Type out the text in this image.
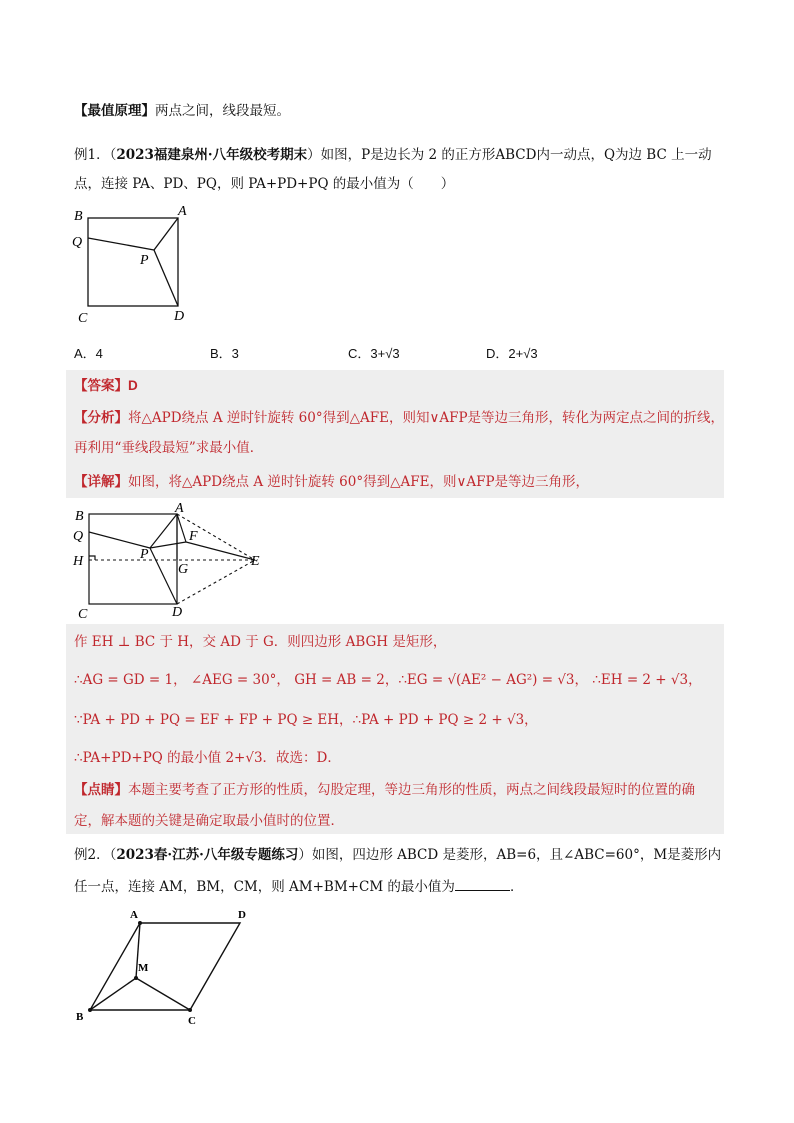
【最值原理】两点之间，线段最短。
例1．（2023福建泉州·八年级校考期末）如图，P是边长为 2 的正方形ABCD内一动点，Q为边 BC 上一动
点，连接 PA、PD、PQ，则 PA+PD+PQ 的最小值为（　　）
B	A
Q
P
C	D
A．4	B．3	C．3+√3	D．2+√3
【答案】D
【分析】将△APD绕点 A 逆时针旋转 60°得到△AFE，则知∨AFP是等边三角形，转化为两定点之间的折线，
再利用“垂线段最短”求最小值．
【详解】如图，将△APD绕点 A 逆时针旋转 60°得到△AFE，则∨AFP是等边三角形，
B
A
Q
P
F
H
G
E
C	D
作 EH ⊥ BC 于 H，交 AD 于 G．则四边形 ABGH 是矩形，
∴AG = GD = 1， ∠AEG = 30°， GH = AB = 2，∴EG = √(AE² − AG²) = √3， ∴EH = 2 + √3，
∵PA + PD + PQ = EF + FP + PQ ≥ EH，∴PA + PD + PQ ≥ 2 + √3，
∴PA+PD+PQ 的最小值 2+√3．故选：D．
【点睛】本题主要考查了正方形的性质，勾股定理，等边三角形的性质，两点之间线段最短时的位置的确
定，解本题的关键是确定取最小值时的位置．
例2．（2023春·江苏·八年级专题练习）如图，四边形 ABCD 是菱形，AB=6，且∠ABC=60°，M是菱形内
任一点，连接 AM，BM，CM，则 AM+BM+CM 的最小值为	．
A	D
M
B	C
